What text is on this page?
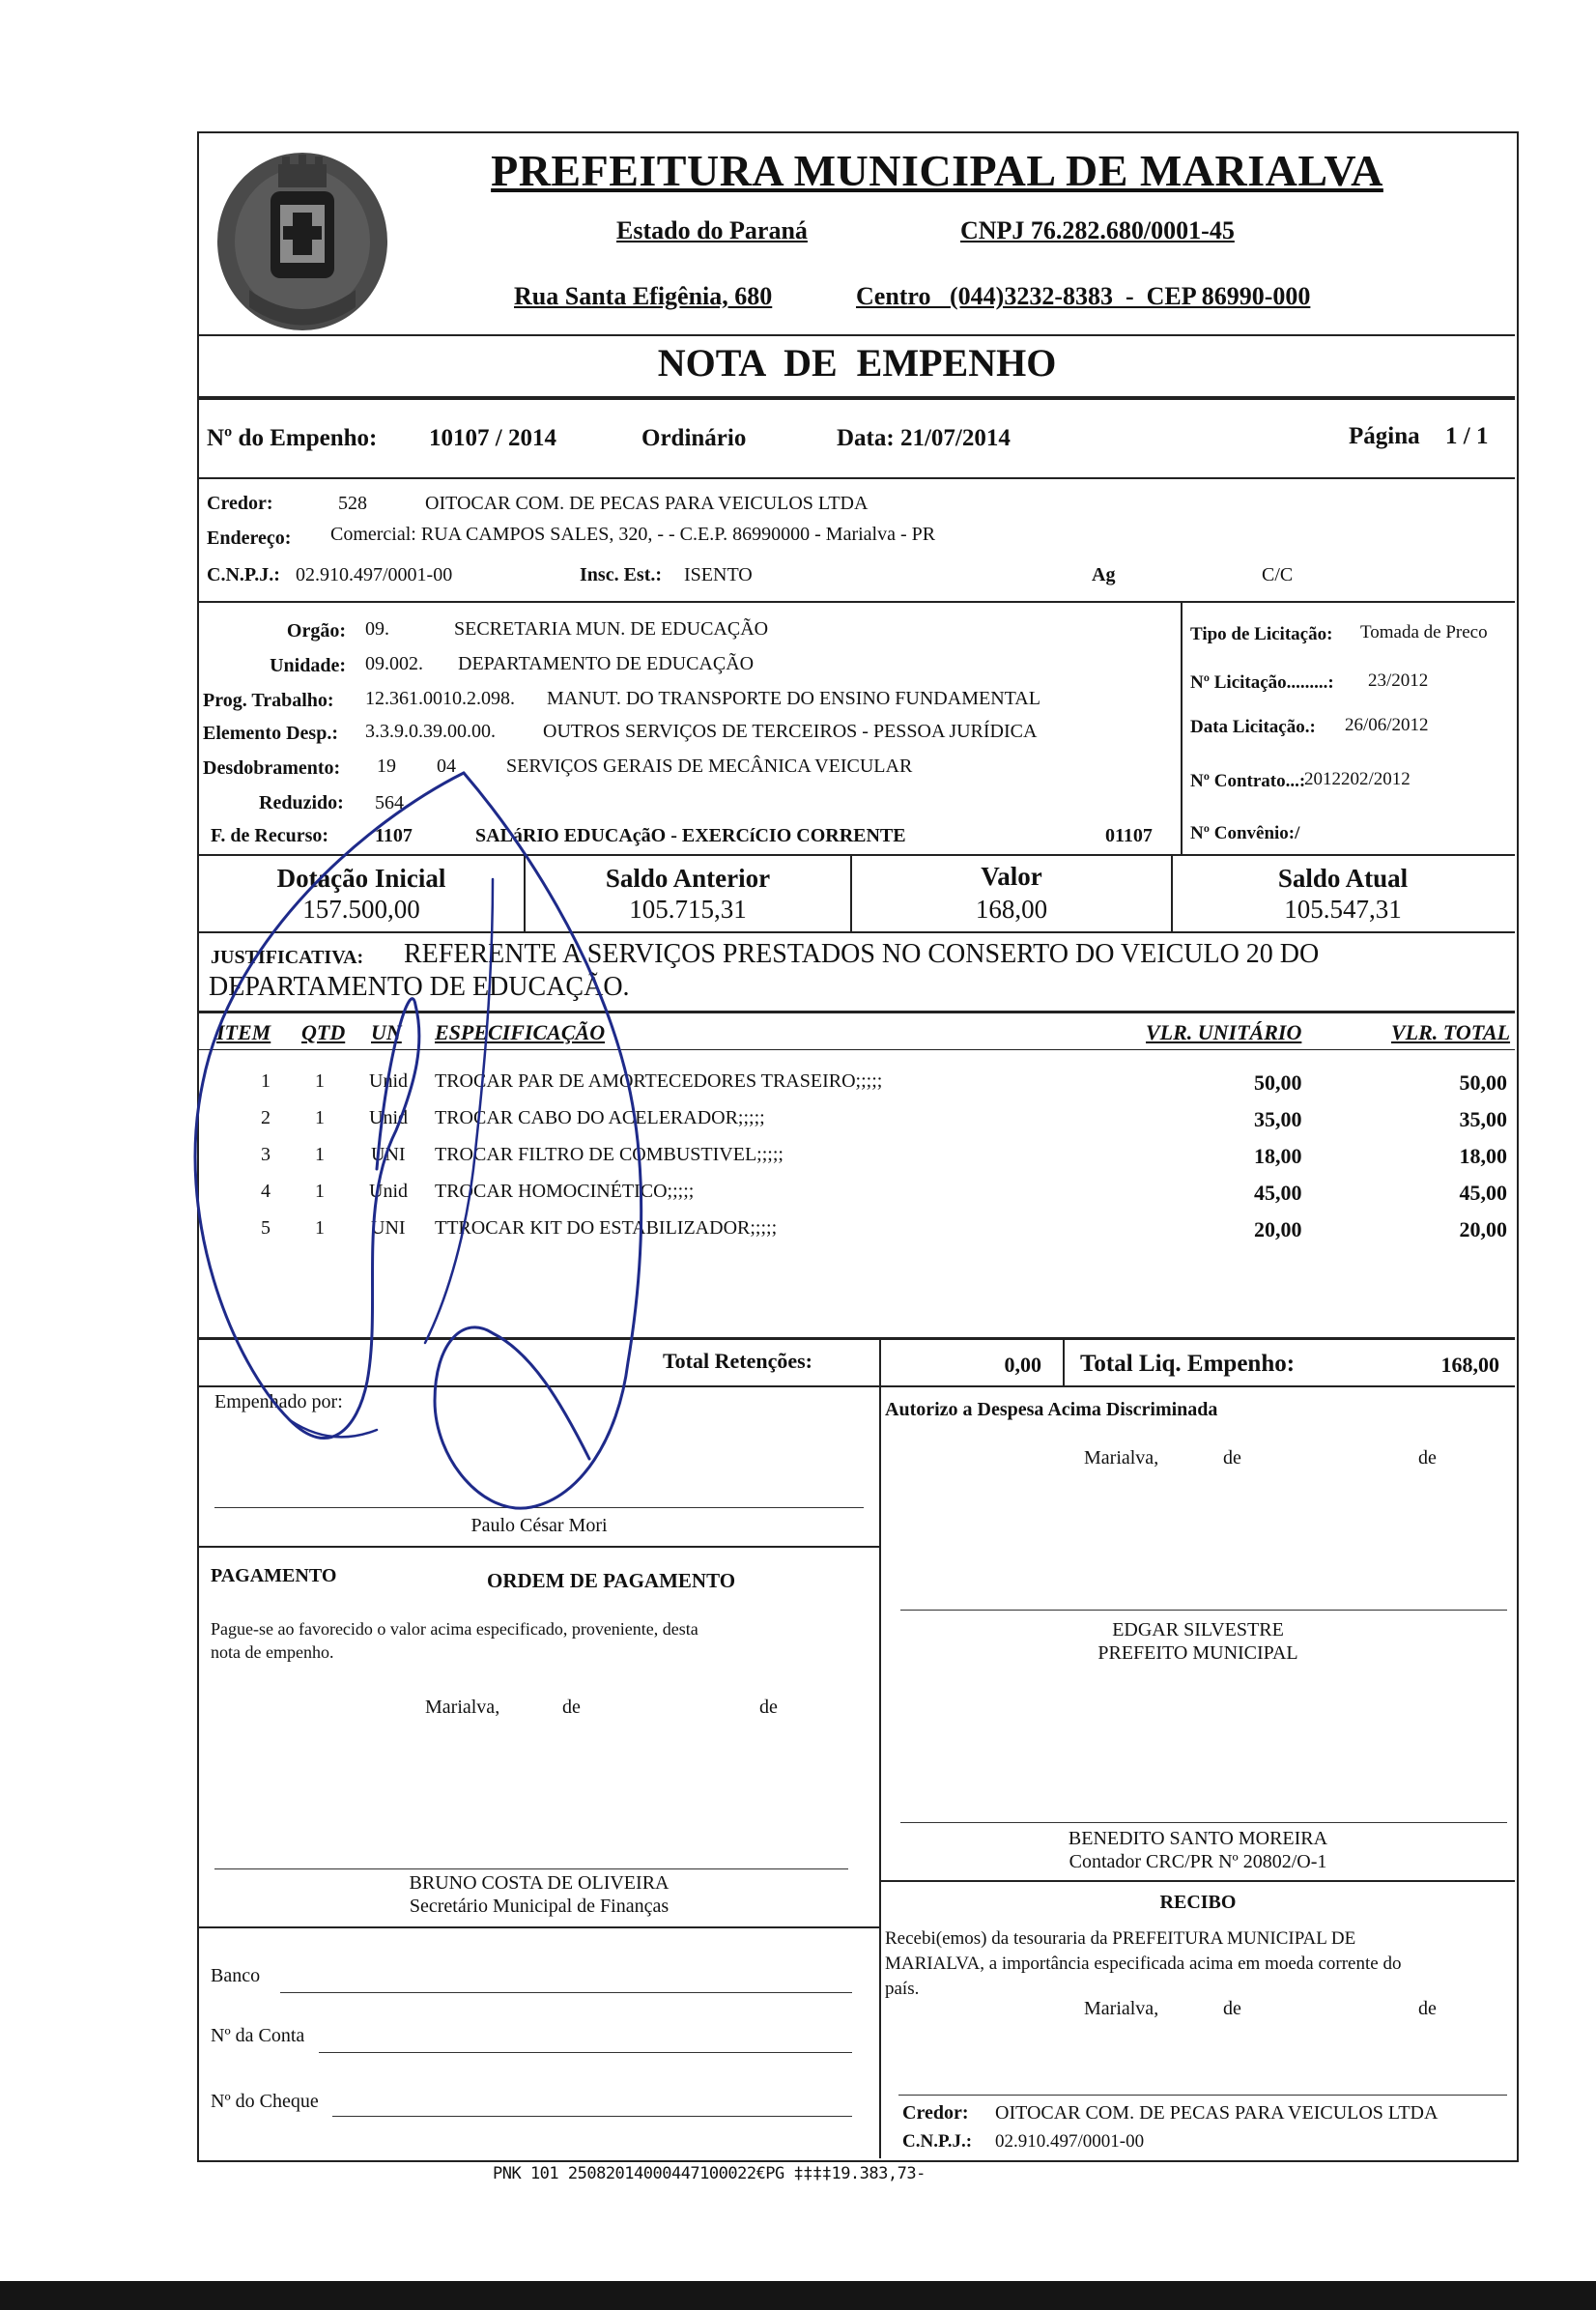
PREFEITURA MUNICIPAL DE MARIALVA
Estado do Paraná	CNPJ 76.282.680/0001-45
Rua Santa Efigênia, 680	Centro   (044)3232-8383  -  CEP 86990-000
NOTA  DE  EMPENHO
Nº do Empenho: 10107 / 2014	Ordinário	Data: 21/07/2014	Página 1 / 1
Credor:	528	OITOCAR COM. DE PECAS PARA VEICULOS LTDA
Endereço: Comercial: RUA CAMPOS SALES, 320, - - C.E.P. 86990000 - Marialva - PR
C.N.P.J.: 02.910.497/0001-00	Insc. Est.: ISENTO	Ag	C/C
Orgão: 09.	SECRETARIA MUN. DE EDUCAÇÃO
Unidade: 09.002. DEPARTAMENTO DE EDUCAÇÃO
Prog. Trabalho: 12.361.0010.2.098. MANUT. DO TRANSPORTE DO ENSINO FUNDAMENTAL
Elemento Desp.: 3.3.9.0.39.00.00. OUTROS SERVIÇOS DE TERCEIROS - PESSOA JURÍDICA
Desdobramento: 19 04	SERVIÇOS GERAIS DE MECÂNICA VEICULAR
Reduzido: 564
F. de Recurso: 1107	SALáRIO EDUCAçãO - EXERCíCIO CORRENTE	01107
Tipo de Licitação: Tomada de Preco
Nº Licitação.........: 23/2012
Data Licitação.: 26/06/2012
Nº Contrato...:
2012202/2012
Nº Convênio:/
Dotação Inicial
157.500,00
Saldo Anterior
105.715,31
Valor
168,00
Saldo Atual
105.547,31
JUSTIFICATIVA: REFERENTE A SERVIÇOS PRESTADOS NO CONSERTO DO VEICULO 20 DO
DEPARTAMENTO DE EDUCAÇÃO.
ITEM QTD UN ESPECIFICAÇÃO	VLR. UNITÁRIO	VLR. TOTAL
1 1 Unid TROCAR PAR DE AMORTECEDORES TRASEIRO;;;;;	50,00	50,00
2 1 Unid TROCAR CABO DO ACELERADOR;;;;;	35,00	35,00
3 1 UNI TROCAR FILTRO DE COMBUSTIVEL;;;;;	18,00	18,00
4 1 Unid TROCAR HOMOCINÉTICO;;;;;	45,00	45,00
5 1 UNI TTROCAR KIT DO ESTABILIZADOR;;;;;	20,00	20,00
Total Retenções:	0,00 Total Liq. Empenho:	168,00
Empenhado por:
Paulo César Mori
Autorizo a Despesa Acima Discriminada
Marialva,	de	de
EDGAR SILVESTRE
PREFEITO MUNICIPAL
PAGAMENTO	ORDEM DE PAGAMENTO
Pague-se ao favorecido o valor acima especificado, proveniente, desta
nota de empenho.
Marialva,	de	de
BRUNO COSTA DE OLIVEIRA
Secretário Municipal de Finanças
Banco
Nº da Conta
Nº do Cheque
BENEDITO SANTO MOREIRA
Contador CRC/PR Nº 20802/O-1
RECIBO
Recebi(emos) da tesouraria da PREFEITURA MUNICIPAL DE
MARIALVA, a importância especificada acima em moeda corrente do
país.
Marialva,	de	de
Credor: OITOCAR COM. DE PECAS PARA VEICULOS LTDA
C.N.P.J.: 02.910.497/0001-00
PNK 101 25082014000447100022€PG ‡‡‡‡19.383,73-
